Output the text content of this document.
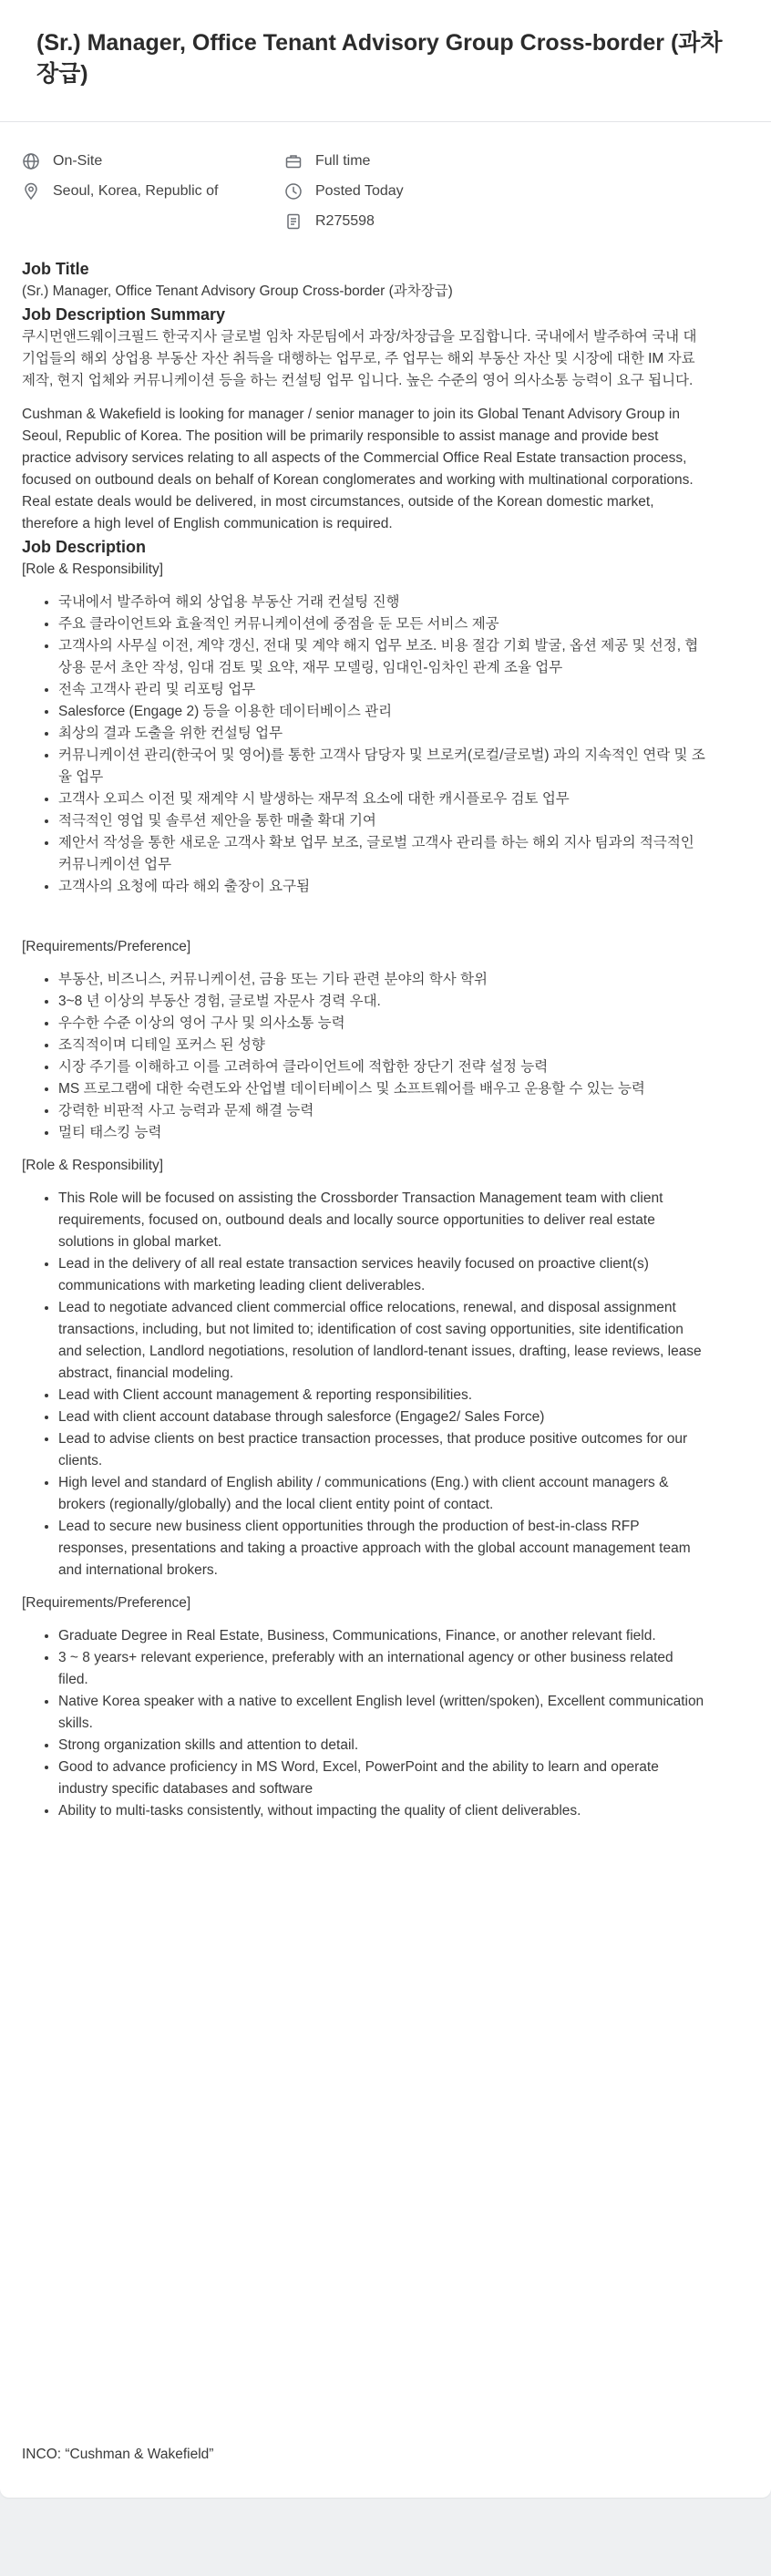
(Sr.) Manager, Office Tenant Advisory Group Cross-border (과차장급)
On-Site
Seoul, Korea, Republic of
Full time
Posted Today
R275598
Job Title

(Sr.) Manager, Office Tenant Advisory Group Cross-border (과차장급)

Job Description Summary

쿠시먼앤드웨이크필드 한국지사 글로벌 임차 자문팀에서 과장/차장급을 모집합니다. 국내에서 발주하여 국내 대기업들의 해외 상업용 부동산 자산 취득을 대행하는 업무로, 주 업무는 해외 부동산 자산 및 시장에 대한 IM 자료 제작, 현지 업체와 커뮤니케이션 등을 하는 컨설팅 업무 입니다. 높은 수준의 영어 의사소통 능력이 요구 됩니다.

Cushman & Wakefield is looking for manager / senior manager to join its Global Tenant Advisory Group in Seoul, Republic of Korea. The position will be primarily responsible to assist manage and provide best practice advisory services relating to all aspects of the Commercial Office Real Estate transaction process, focused on outbound deals on behalf of Korean conglomerates and working with multinational corporations. Real estate deals would be delivered, in most circumstances, outside of the Korean domestic market, therefore a high level of English communication is required.

Job Description

[Role & Responsibility]

• 국내에서 발주하여 해외 상업용 부동산 거래 컨설팅 진행
• 주요 클라이언트와 효율적인 커뮤니케이션에 중점을 둔 모든 서비스 제공
• 고객사의 사무실 이전, 계약 갱신, 전대 및 계약 해지 업무 보조. 비용 절감 기회 발굴, 옵션 제공 및 선정, 협상용 문서 초안 작성, 임대 검토 및 요약, 재무 모델링, 임대인-임차인 관계 조율 업무
• 전속 고객사 관리 및 리포팅 업무
• Salesforce (Engage 2) 등을 이용한 데이터베이스 관리
• 최상의 결과 도출을 위한 컨설팅 업무
• 커뮤니케이션 관리(한국어 및 영어)를 통한 고객사 담당자 및 브로커(로컬/글로벌) 과의 지속적인 연락 및 조율 업무
• 고객사 오피스 이전 및 재계약 시 발생하는 재무적 요소에 대한 캐시플로우 검토 업무
• 적극적인 영업 및 솔루션 제안을 통한 매출 확대 기여
• 제안서 작성을 통한 새로운 고객사 확보 업무 보조, 글로벌 고객사 관리를 하는 해외 지사 팀과의 적극적인 커뮤니케이션 업무
• 고객사의 요청에 따라 해외 출장이 요구됨

[Requirements/Preference]

• 부동산, 비즈니스, 커뮤니케이션, 금융 또는 기타 관련 분야의 학사 학위
• 3~8 년 이상의 부동산 경험, 글로벌 자문사 경력 우대.
• 우수한 수준 이상의 영어 구사 및 의사소통 능력
• 조직적이며 디테일 포커스 된 성향
• 시장 주기를 이해하고 이를 고려하여 클라이언트에 적합한 장단기 전략 설정 능력
• MS 프로그램에 대한 숙련도와 산업별 데이터베이스 및 소프트웨어를 배우고 운용할 수 있는 능력
• 강력한 비판적 사고 능력과 문제 해결 능력
• 멀티 태스킹 능력

[Role & Responsibility]

• This Role will be focused on assisting the Crossborder Transaction Management team with client requirements, focused on, outbound deals and locally source opportunities to deliver real estate solutions in global market.
• Lead in the delivery of all real estate transaction services heavily focused on proactive client(s) communications with marketing leading client deliverables.
• Lead to negotiate advanced client commercial office relocations, renewal, and disposal assignment transactions, including, but not limited to; identification of cost saving opportunities, site identification and selection, Landlord negotiations, resolution of landlord-tenant issues, drafting, lease reviews, lease abstract, financial modeling.
• Lead with Client account management & reporting responsibilities.
• Lead with client account database through salesforce (Engage2/ Sales Force)
• Lead to advise clients on best practice transaction processes, that produce positive outcomes for our clients.
• High level and standard of English ability / communications (Eng.) with client account managers & brokers (regionally/globally) and the local client entity point of contact.
• Lead to secure new business client opportunities through the production of best-in-class RFP responses, presentations and taking a proactive approach with the global account management team and international brokers.

[Requirements/Preference]

• Graduate Degree in Real Estate, Business, Communications, Finance, or another relevant field.
• 3 ~ 8 years+ relevant experience, preferably with an international agency or other business related filed.
• Native Korea speaker with a native to excellent English level (written/spoken), Excellent communication skills.
• Strong organization skills and attention to detail.
• Good to advance proficiency in MS Word, Excel, PowerPoint and the ability to learn and operate industry specific databases and software
• Ability to multi-tasks consistently, without impacting the quality of client deliverables.

INCO: “Cushman & Wakefield”
